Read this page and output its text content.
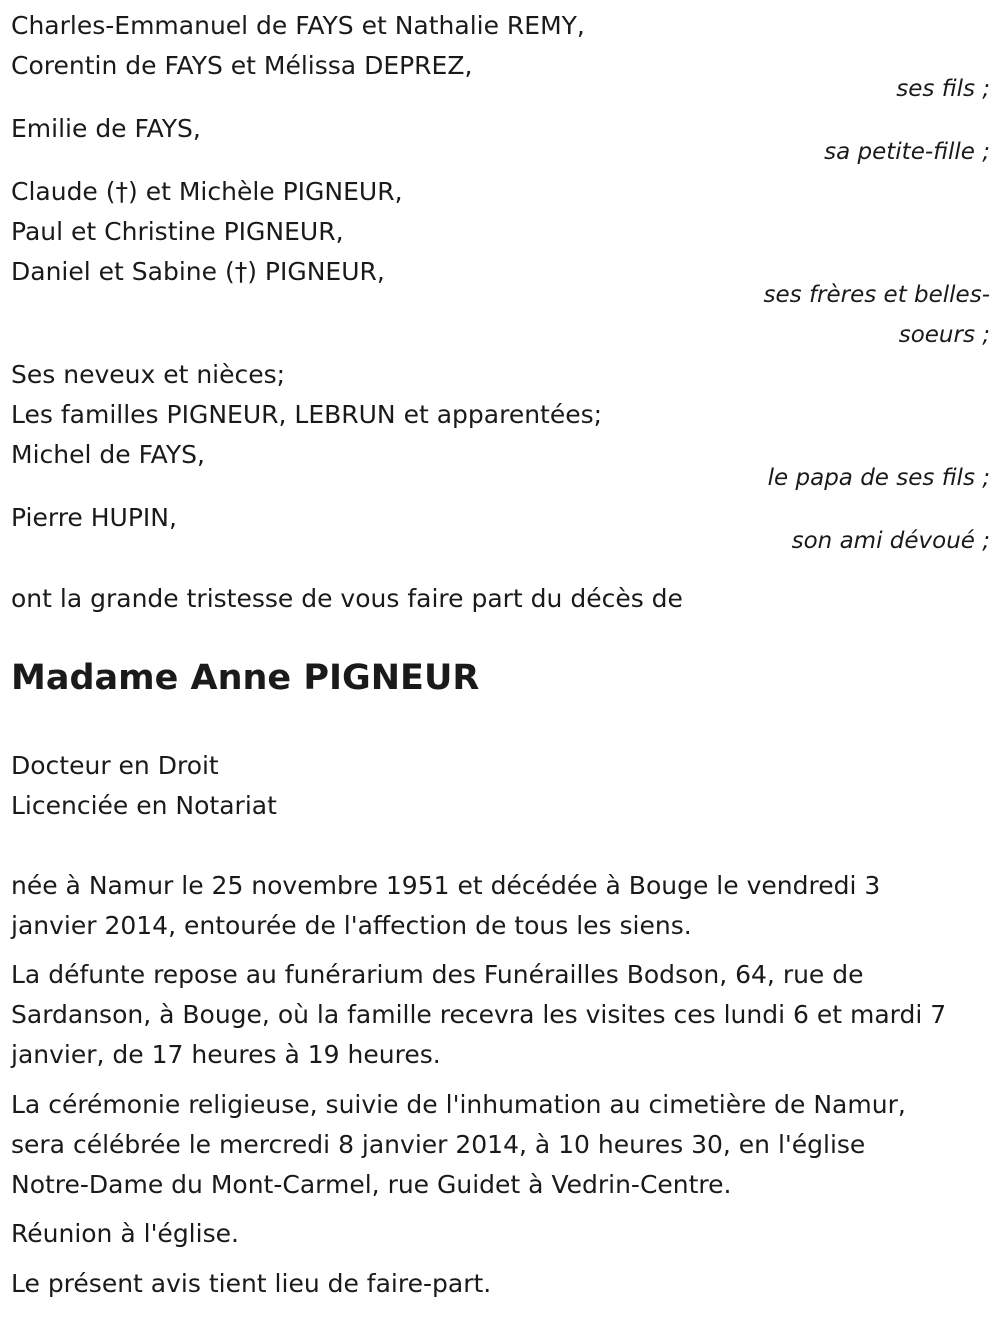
Charles-Emmanuel de FAYS et Nathalie REMY,
Corentin de FAYS et Mélissa DEPREZ,
ses fils ;
Emilie de FAYS,
sa petite-fille ;
Claude (†) et Michèle PIGNEUR,
Paul et Christine PIGNEUR,
Daniel et Sabine (†) PIGNEUR,
ses frères et belles-
soeurs ;
Ses neveux et nièces;
Les familles PIGNEUR, LEBRUN et apparentées;
Michel de FAYS,
le papa de ses fils ;
Pierre HUPIN,
son ami dévoué ;
ont la grande tristesse de vous faire part du décès de
Madame Anne PIGNEUR
Docteur en Droit
Licenciée en Notariat
née à Namur le 25 novembre 1951 et décédée à Bouge le vendredi 3
janvier 2014, entourée de l'affection de tous les siens.
La défunte repose au funérarium des Funérailles Bodson, 64, rue de
Sardanson, à Bouge, où la famille recevra les visites ces lundi 6 et mardi 7
janvier, de 17 heures à 19 heures.
La cérémonie religieuse, suivie de l'inhumation au cimetière de Namur,
sera célébrée le mercredi 8 janvier 2014, à 10 heures 30, en l'église
Notre-Dame du Mont-Carmel, rue Guidet à Vedrin-Centre.
Réunion à l'église.
Le présent avis tient lieu de faire-part.
